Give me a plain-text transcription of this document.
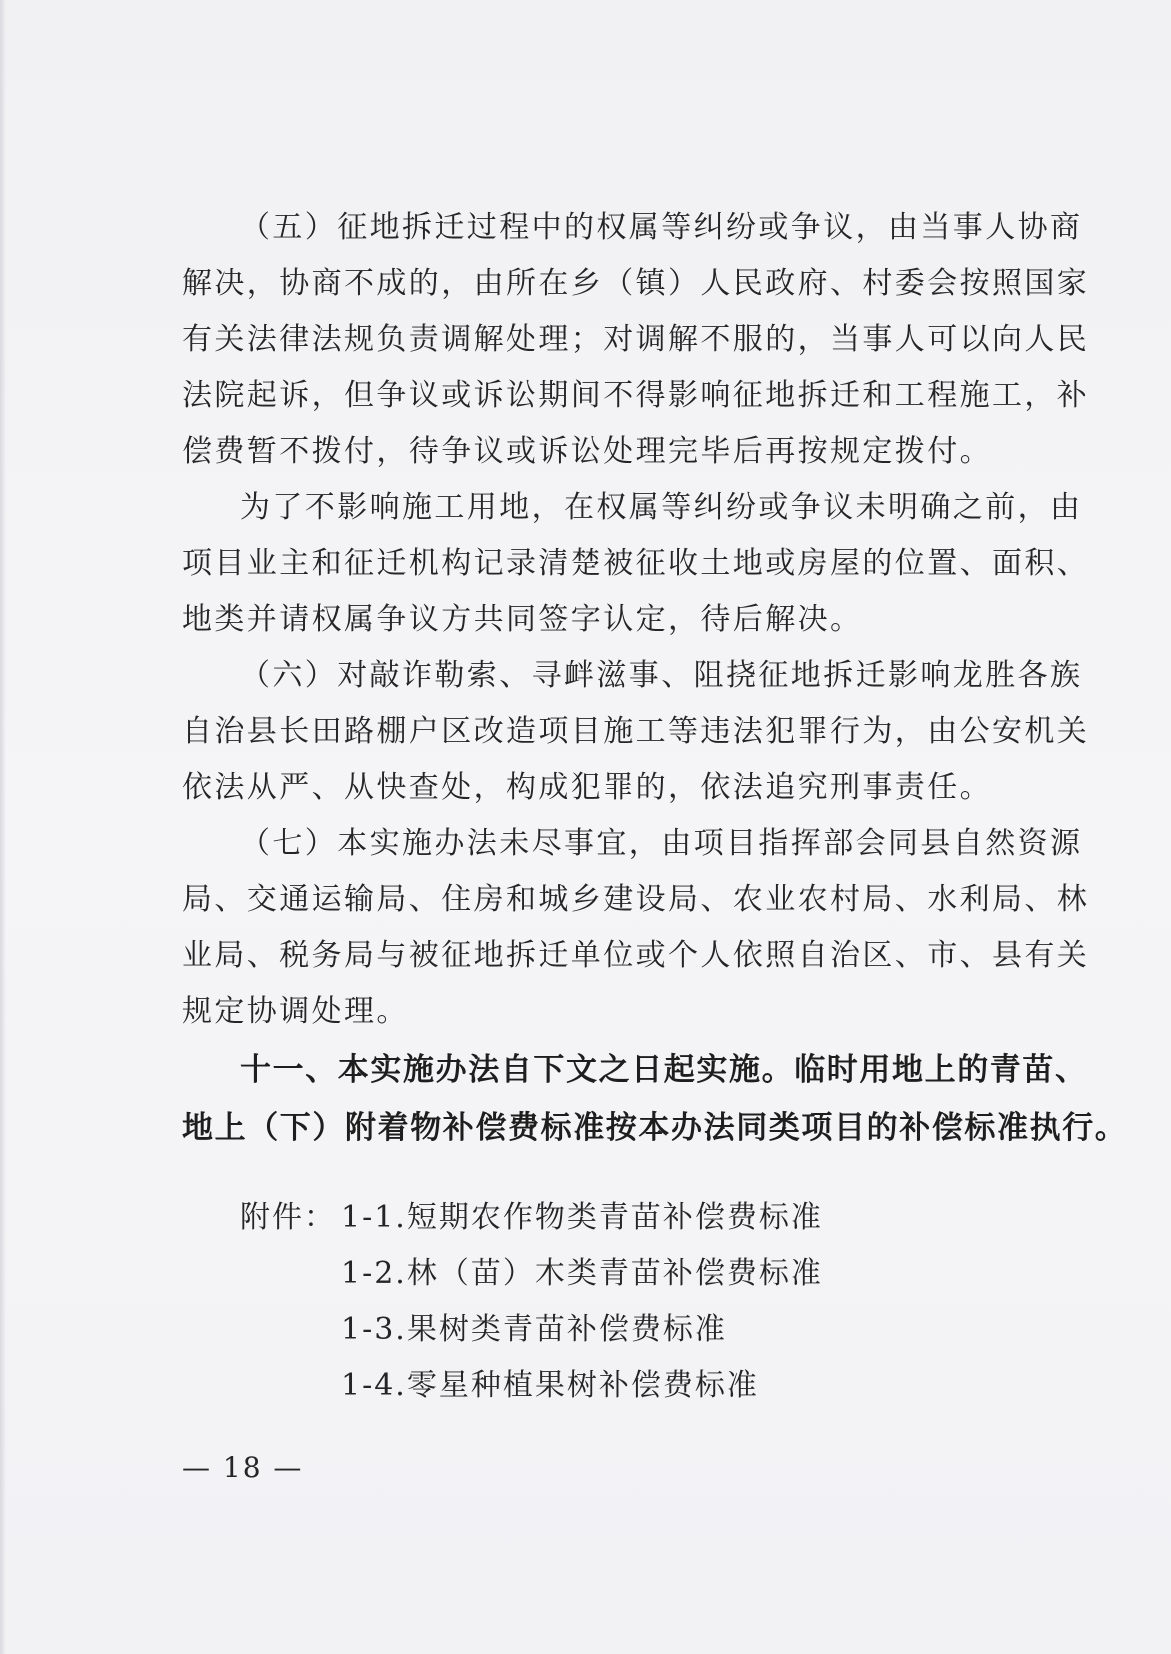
（五）征地拆迁过程中的权属等纠纷或争议，由当事人协商
解决，协商不成的，由所在乡（镇）人民政府、村委会按照国家
有关法律法规负责调解处理；对调解不服的，当事人可以向人民
法院起诉，但争议或诉讼期间不得影响征地拆迁和工程施工，补
偿费暂不拨付，待争议或诉讼处理完毕后再按规定拨付。
为了不影响施工用地，在权属等纠纷或争议未明确之前，由
项目业主和征迁机构记录清楚被征收土地或房屋的位置、面积、
地类并请权属争议方共同签字认定，待后解决。
（六）对敲诈勒索、寻衅滋事、阻挠征地拆迁影响龙胜各族
自治县长田路棚户区改造项目施工等违法犯罪行为，由公安机关
依法从严、从快查处，构成犯罪的，依法追究刑事责任。
（七）本实施办法未尽事宜，由项目指挥部会同县自然资源
局、交通运输局、住房和城乡建设局、农业农村局、水利局、林
业局、税务局与被征地拆迁单位或个人依照自治区、市、县有关
规定协调处理。
十一、本实施办法自下文之日起实施。临时用地上的青苗、
地上（下）附着物补偿费标准按本办法同类项目的补偿标准执行。
附件： 1-1.短期农作物类青苗补偿费标准
1-2.林（苗）木类青苗补偿费标准
1-3.果树类青苗补偿费标准
1-4.零星种植果树补偿费标准
— 18 —
